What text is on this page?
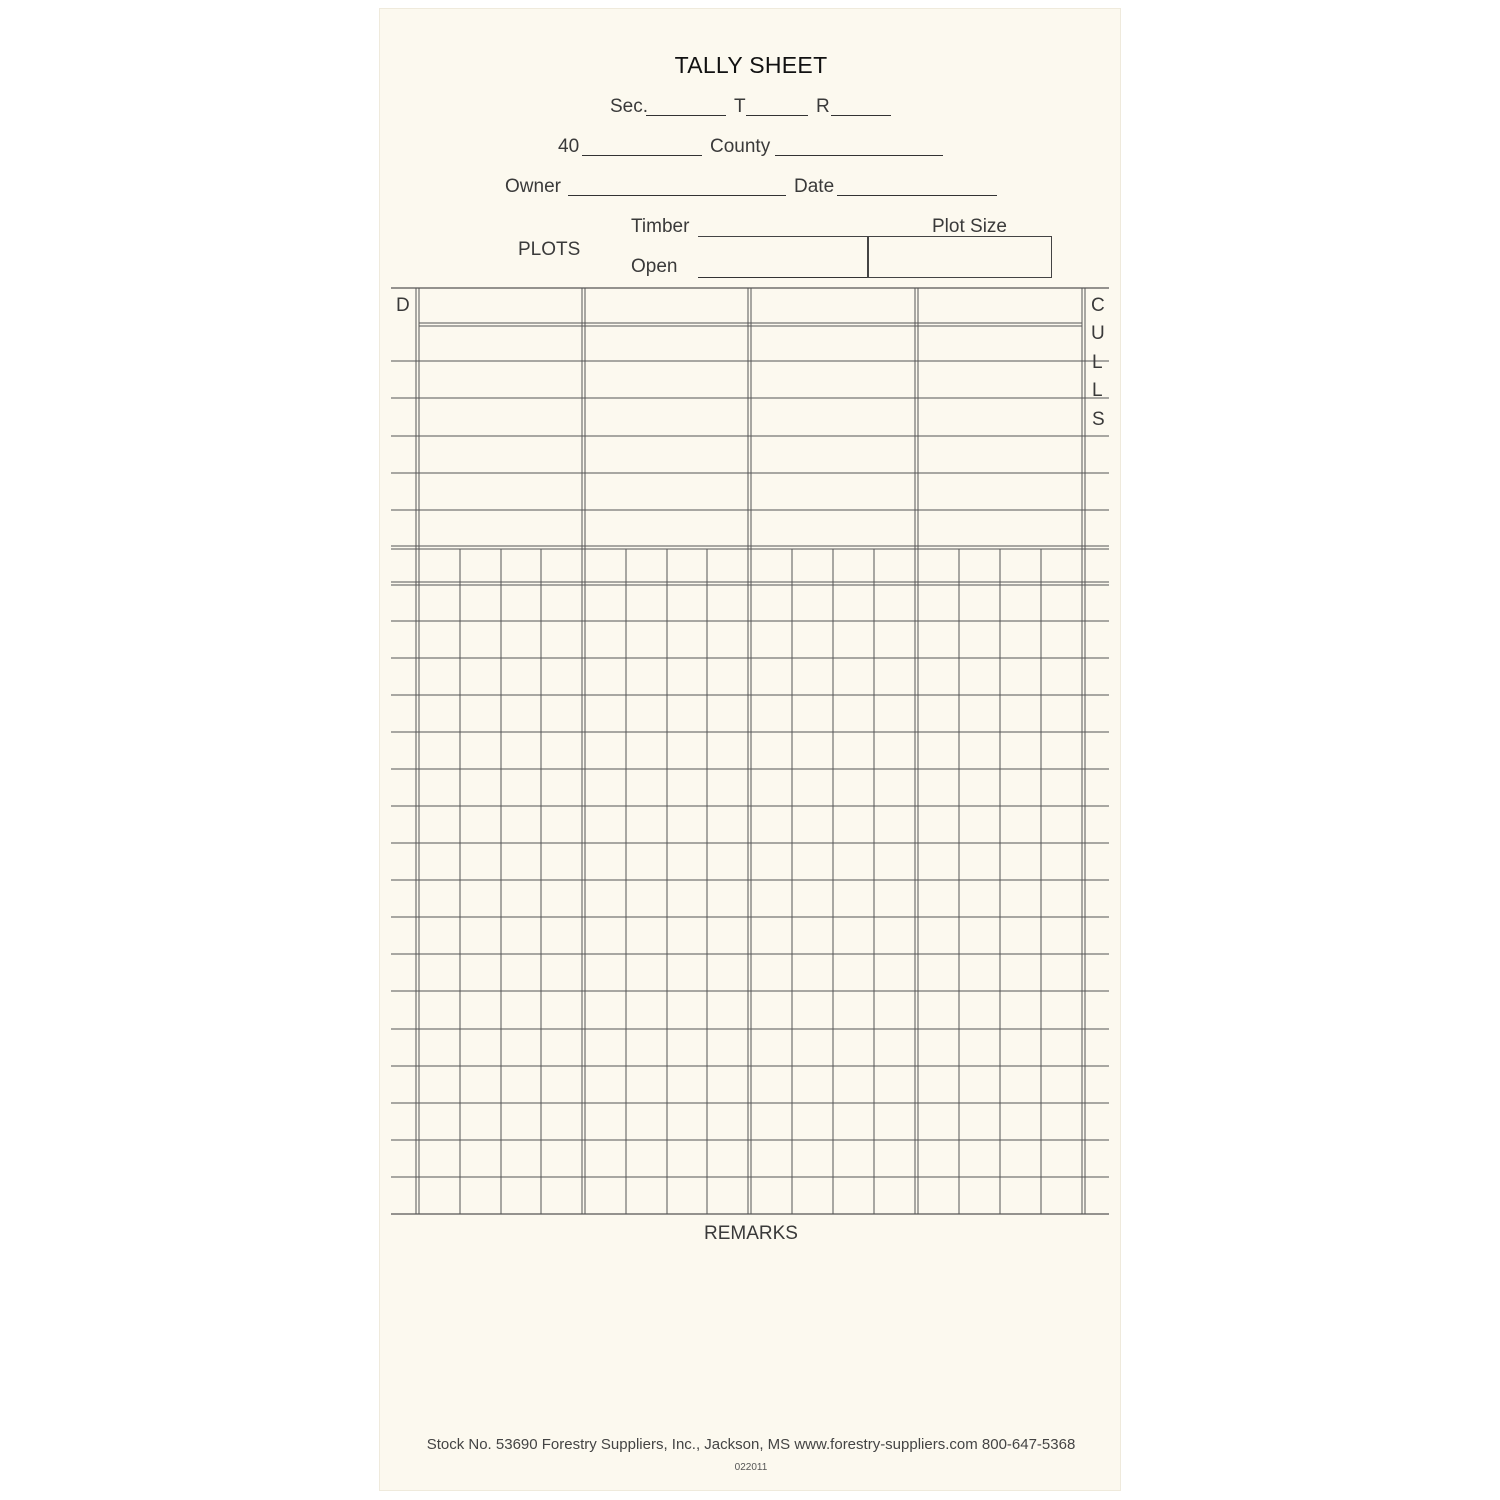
TALLY SHEET
Sec.	T	R
40	County
Owner	Date
PLOTS
Timber	Plot Size
Open
D	C
U
L
L
S
REMARKS
Stock No. 53690 Forestry Suppliers, Inc., Jackson, MS www.forestry-suppliers.com 800-647-5368
022011
